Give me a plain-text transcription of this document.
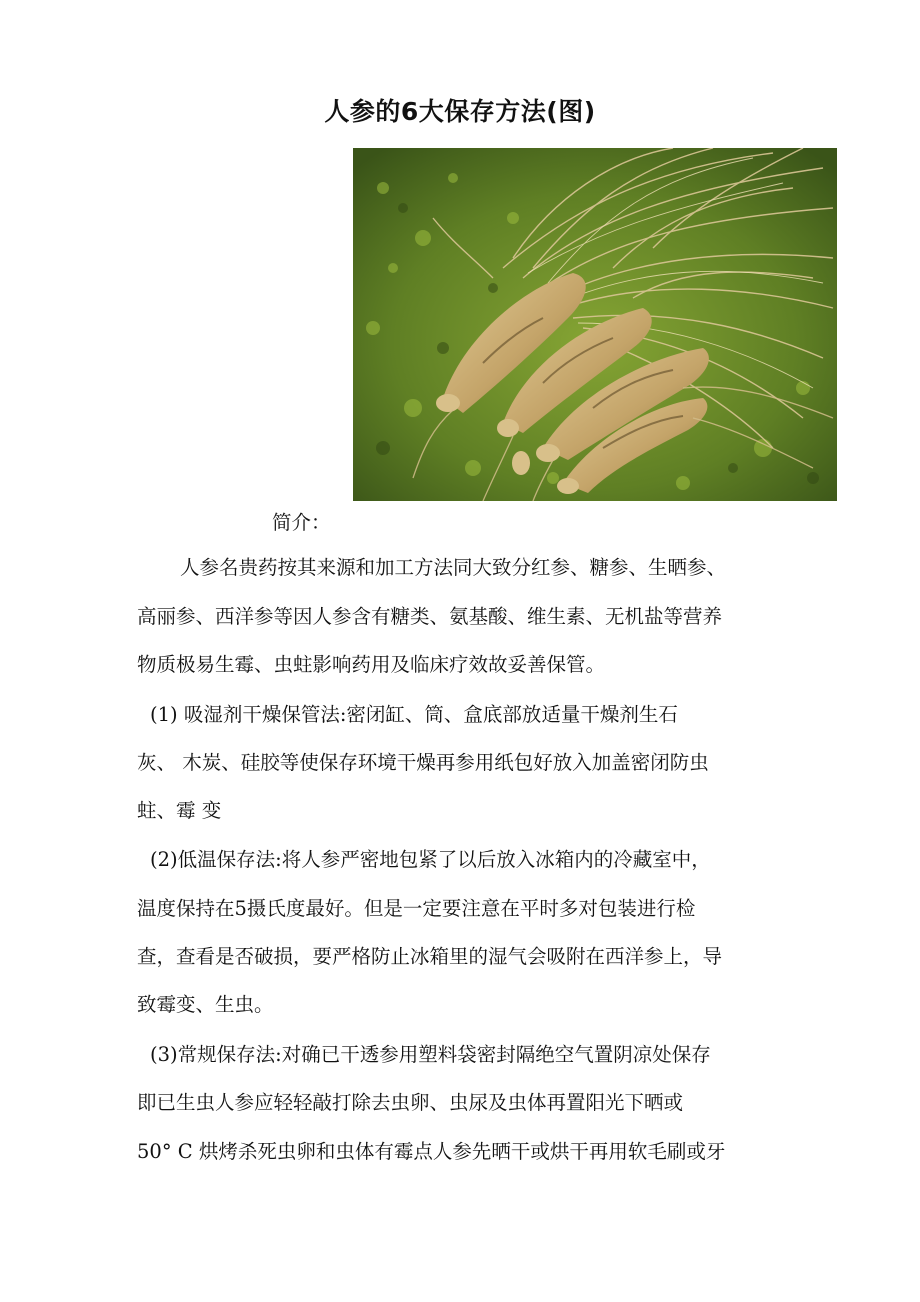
人参的6大保存方法(图)
简介：
人参名贵药按其来源和加工方法同大致分红参、糖参、生晒参、
高丽参、西洋参等因人参含有糖类、氨基酸、维生素、无机盐等营养
物质极易生霉、虫蛀影响药用及临床疗效故妥善保管。
(1) 吸湿剂干燥保管法:密闭缸、筒、盒底部放适量干燥剂生石
灰、 木炭、硅胶等使保存环境干燥再参用纸包好放入加盖密闭防虫
蛀、霉 变
(2)低温保存法:将人参严密地包紧了以后放入冰箱内的冷藏室中，
温度保持在5摄氏度最好。但是一定要注意在平时多对包装进行检
查，查看是否破损，要严格防止冰箱里的湿气会吸附在西洋参上，导
致霉变、生虫。
(3)常规保存法:对确已干透参用塑料袋密封隔绝空气置阴凉处保存
即已生虫人参应轻轻敲打除去虫卵、虫尿及虫体再置阳光下晒或
50° C 烘烤杀死虫卵和虫体有霉点人参先晒干或烘干再用软毛刷或牙
